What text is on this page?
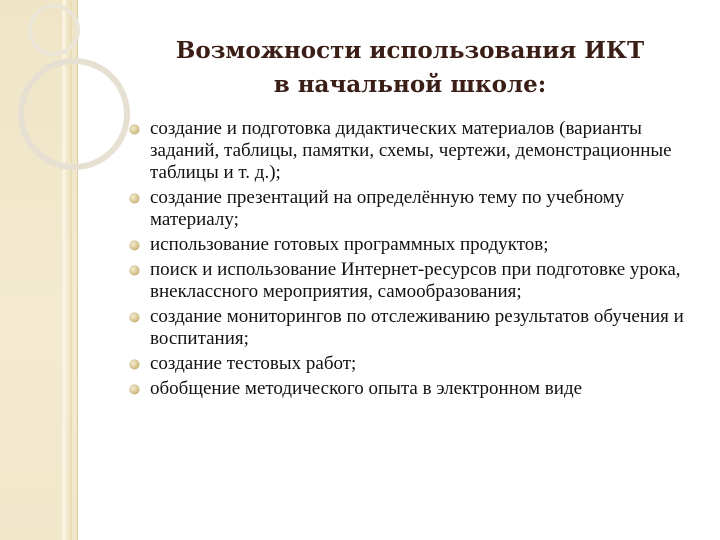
Возможности использования ИКТ
в начальной школе:
создание и подготовка дидактических материалов (варианты заданий, таблицы, памятки, схемы, чертежи, демонстрационные таблицы и т. д.);
создание презентаций на определённую тему по учебному материалу;
использование готовых программных продуктов;
поиск и использование Интернет-ресурсов при подготовке урока, внеклассного мероприятия, самообразования;
создание мониторингов по отслеживанию результатов обучения и воспитания;
создание тестовых работ;
обобщение методического опыта в электронном виде
